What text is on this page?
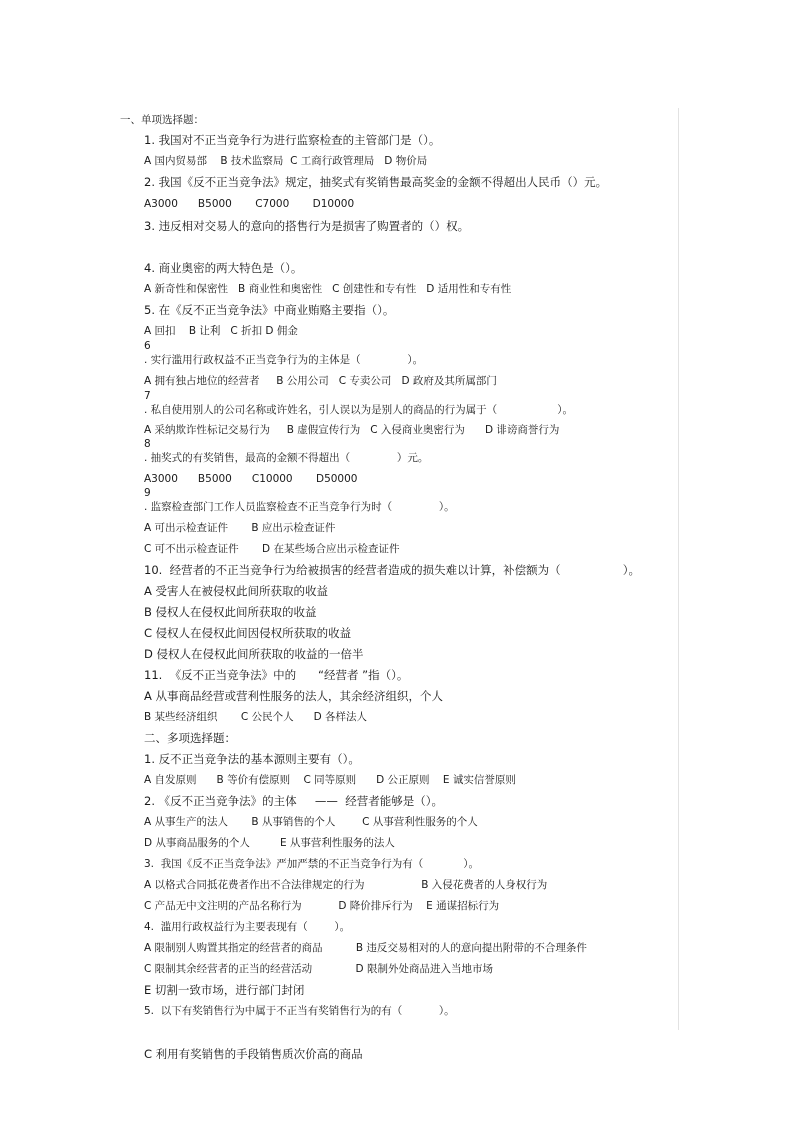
一、单项选择题：
1. 我国对不正当竞争行为进行监察检查的主管部门是（）。
A 国内贸易部    B 技术监察局  C 工商行政管理局   D 物价局
2. 我国《反不正当竞争法》规定，抽奖式有奖销售最高奖金的金额不得超出人民币（）元。
A3000      B5000       C7000       D10000
3. 违反相对交易人的意向的搭售行为是损害了购置者的（）权。
4. 商业奥密的两大特色是（）。
A 新奇性和保密性   B 商业性和奥密性   C 创建性和专有性   D 适用性和专有性
5. 在《反不正当竞争法》中商业贿赂主要指（）。
A 回扣    B 让利   C 折扣 D 佣金
6
. 实行滥用行政权益不正当竞争行为的主体是（              ）。
A 拥有独占地位的经营者     B 公用公司   C 专卖公司   D 政府及其所属部门
7
. 私自使用别人的公司名称或许姓名，引人误以为是别人的商品的行为属于（                  ）。
A 采纳欺诈性标记交易行为     B 虚假宣传行为   C 入侵商业奥密行为      D 诽谤商誉行为
8
. 抽奖式的有奖销售，最高的金额不得超出（              ）元。
A3000      B5000      C10000       D50000
9
. 监察检查部门工作人员监察检查不正当竞争行为时（              ）。
A 可出示检查证件       B 应出示检查证件
C 可不出示检查证件       D 在某些场合应出示检查证件
10.  经营者的不正当竞争行为给被损害的经营者造成的损失难以计算，补偿额为（                 ）。
A 受害人在被侵权此间所获取的收益
B 侵权人在侵权此间所获取的收益
C 侵权人在侵权此间因侵权所获取的收益
D 侵权人在侵权此间所获取的收益的一倍半
11.  《反不正当竞争法》中的      “经营者 ”指（）。
A 从事商品经营或营利性服务的法人，其余经济组织，个人
B 某些经济组织       C 公民个人      D 各样法人
二、多项选择题：
1. 反不正当竞争法的基本源则主要有（）。
A 自发原则      B 等价有偿原则    C 同等原则      D 公正原则    E 诚实信誉原则
2. 《反不正当竞争法》的主体     ——  经营者能够是（）。
A 从事生产的法人       B 从事销售的个人        C 从事营利性服务的个人
D 从事商品服务的个人         E 从事营利性服务的法人
3.  我国《反不正当竞争法》严加严禁的不正当竞争行为有（            ）。
A 以格式合同抵花费者作出不合法律规定的行为                 B 入侵花费者的人身权行为
C 产品无中文注明的产品名称行为           D 降价排斥行为    E 通谋招标行为
4.  滥用行政权益行为主要表现有（        ）。
A 限制别人购置其指定的经营者的商品          B 违反交易相对的人的意向提出附带的不合理条件
C 限制其余经营者的正当的经营活动             D 限制外处商品进入当地市场
E 切割一致市场，进行部门封闭
5.  以下有奖销售行为中属于不正当有奖销售行为的有（           ）。
C 利用有奖销售的手段销售质次价高的商品
